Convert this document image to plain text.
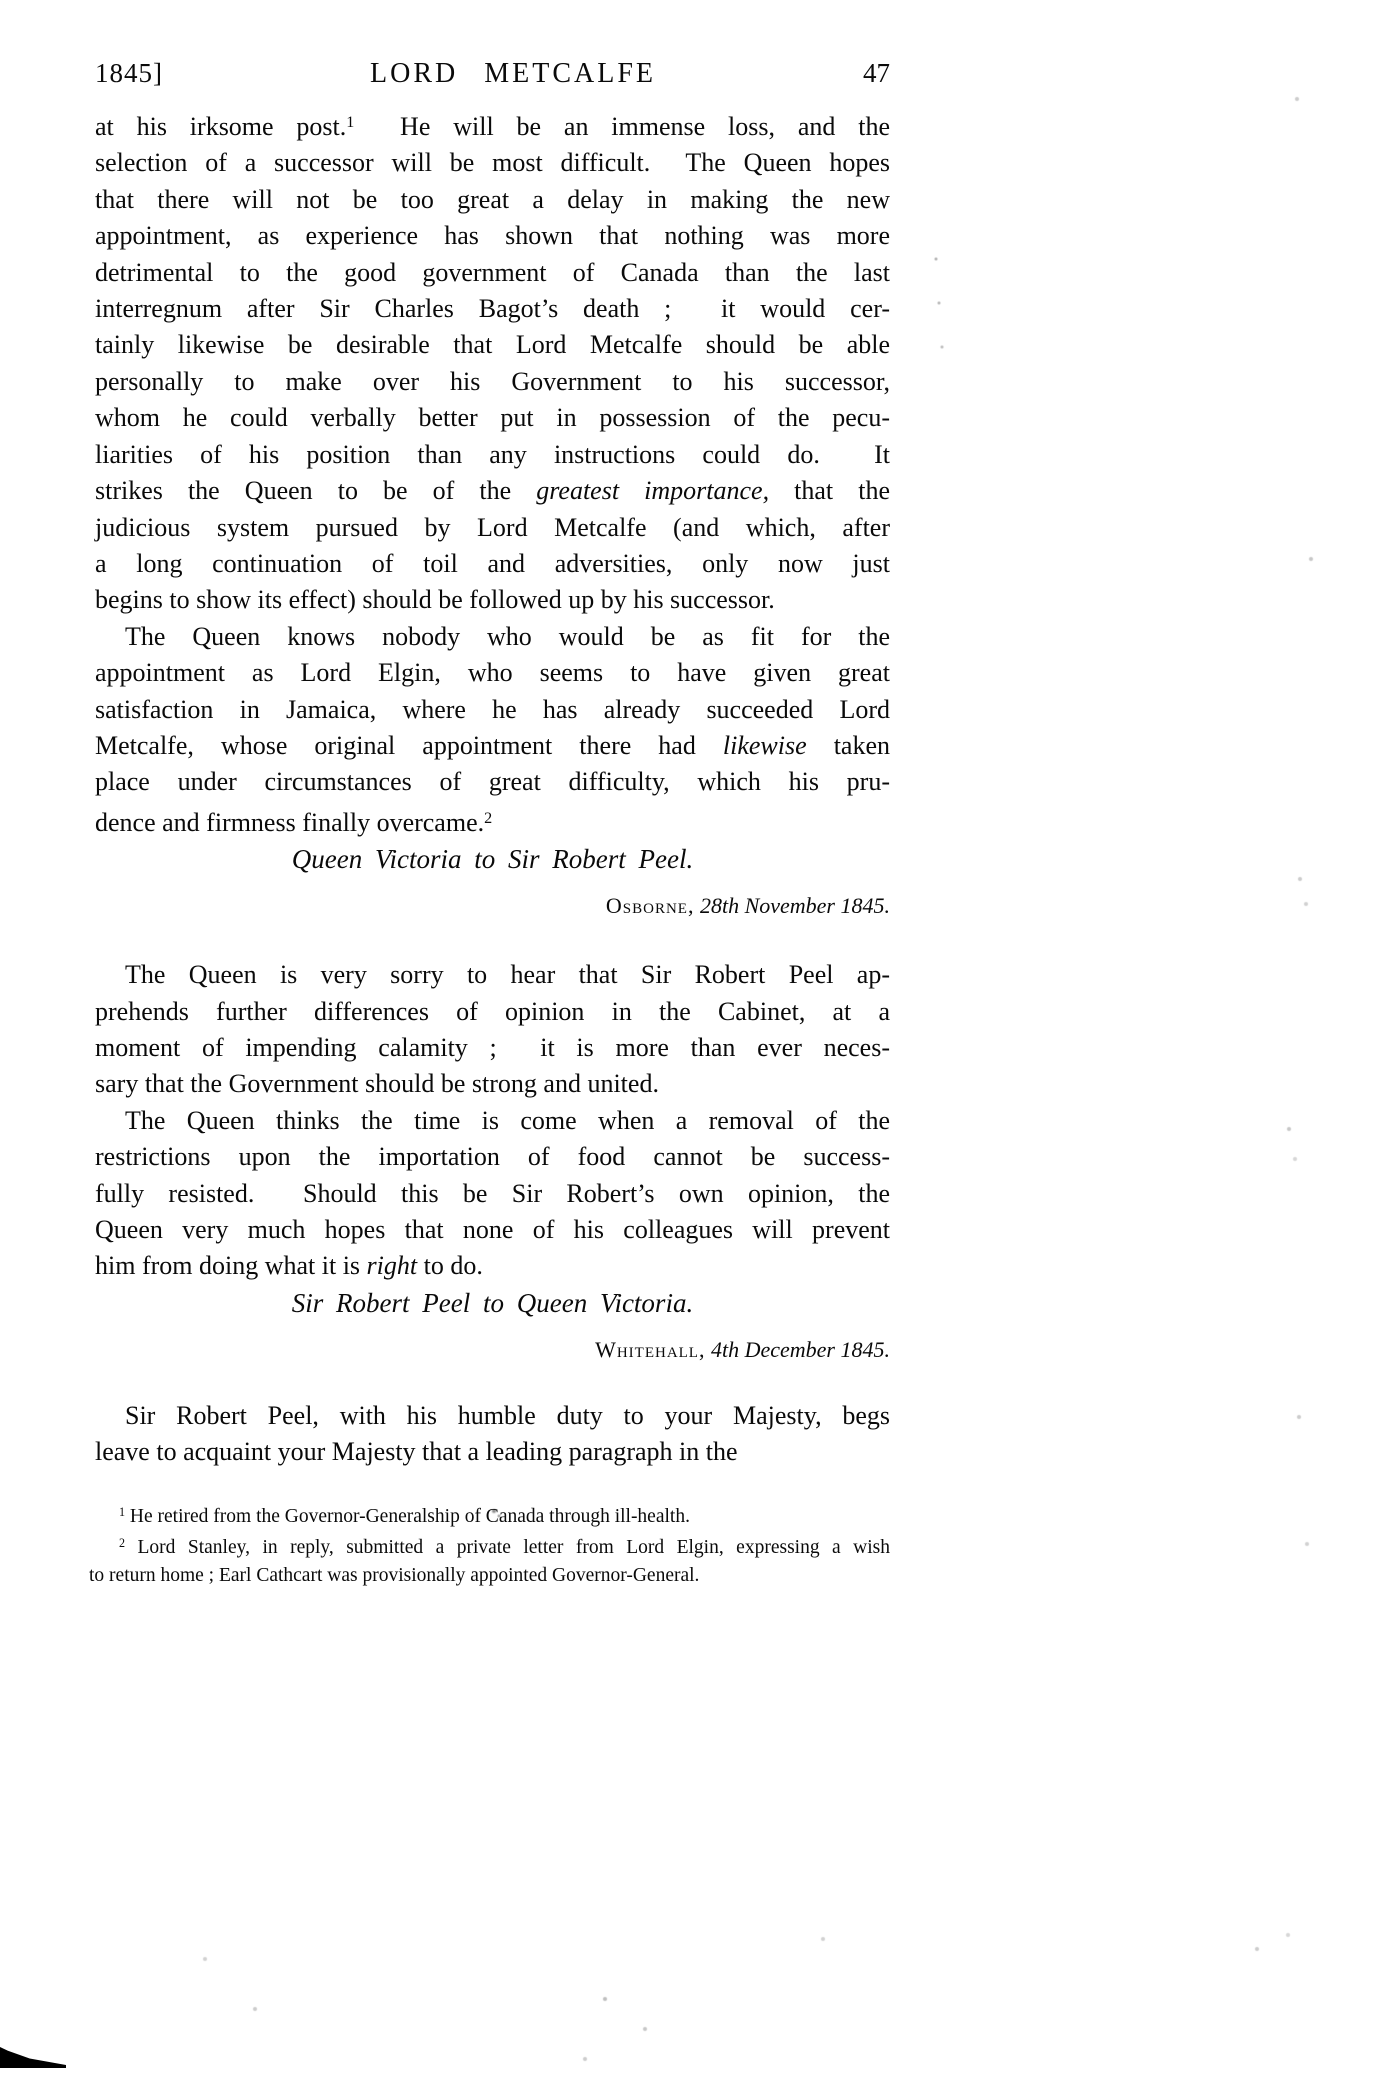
1845]	LORD METCALFE	47
at his irksome post.$^1$  He will be an immense loss, and the
selection of a successor will be most difficult.  The Queen hopes
that there will not be too great a delay in making the new
appointment, as experience has shown that nothing was more
detrimental to the good government of Canada than the last
interregnum after Sir Charles Bagot’s death ;  it would cer-
tainly likewise be desirable that Lord Metcalfe should be able
personally to make over his Government to his successor,
whom he could verbally better put in possession of the pecu-
liarities of his position than any instructions could do.  It
strikes the Queen to be of the greatest importance, that the
judicious system pursued by Lord Metcalfe (and which, after
a long continuation of toil and adversities, only now just
begins to show its effect) should be followed up by his successor.
The Queen knows nobody who would be as fit for the
appointment as Lord Elgin, who seems to have given great
satisfaction in Jamaica, where he has already succeeded Lord
Metcalfe, whose original appointment there had likewise taken
place under circumstances of great difficulty, which his pru-
dence and firmness finally overcame.$^2$
Queen Victoria to Sir Robert Peel.
Osborne, 28th November 1845.
The Queen is very sorry to hear that Sir Robert Peel ap-
prehends further differences of opinion in the Cabinet, at a
moment of impending calamity ;  it is more than ever neces-
sary that the Government should be strong and united.
The Queen thinks the time is come when a removal of the
restrictions upon the importation of food cannot be success-
fully resisted.  Should this be Sir Robert’s own opinion, the
Queen very much hopes that none of his colleagues will prevent
him from doing what it is right to do.
Sir Robert Peel to Queen Victoria.
Whitehall, 4th December 1845.
Sir Robert Peel, with his humble duty to your Majesty, begs
leave to acquaint your Majesty that a leading paragraph in the
$^1$ He retired from the Governor-Generalship of Canada through ill-health.
$^2$ Lord Stanley, in reply, submitted a private letter from Lord Elgin, expressing a wish
to return home ; Earl Cathcart was provisionally appointed Governor-General.
